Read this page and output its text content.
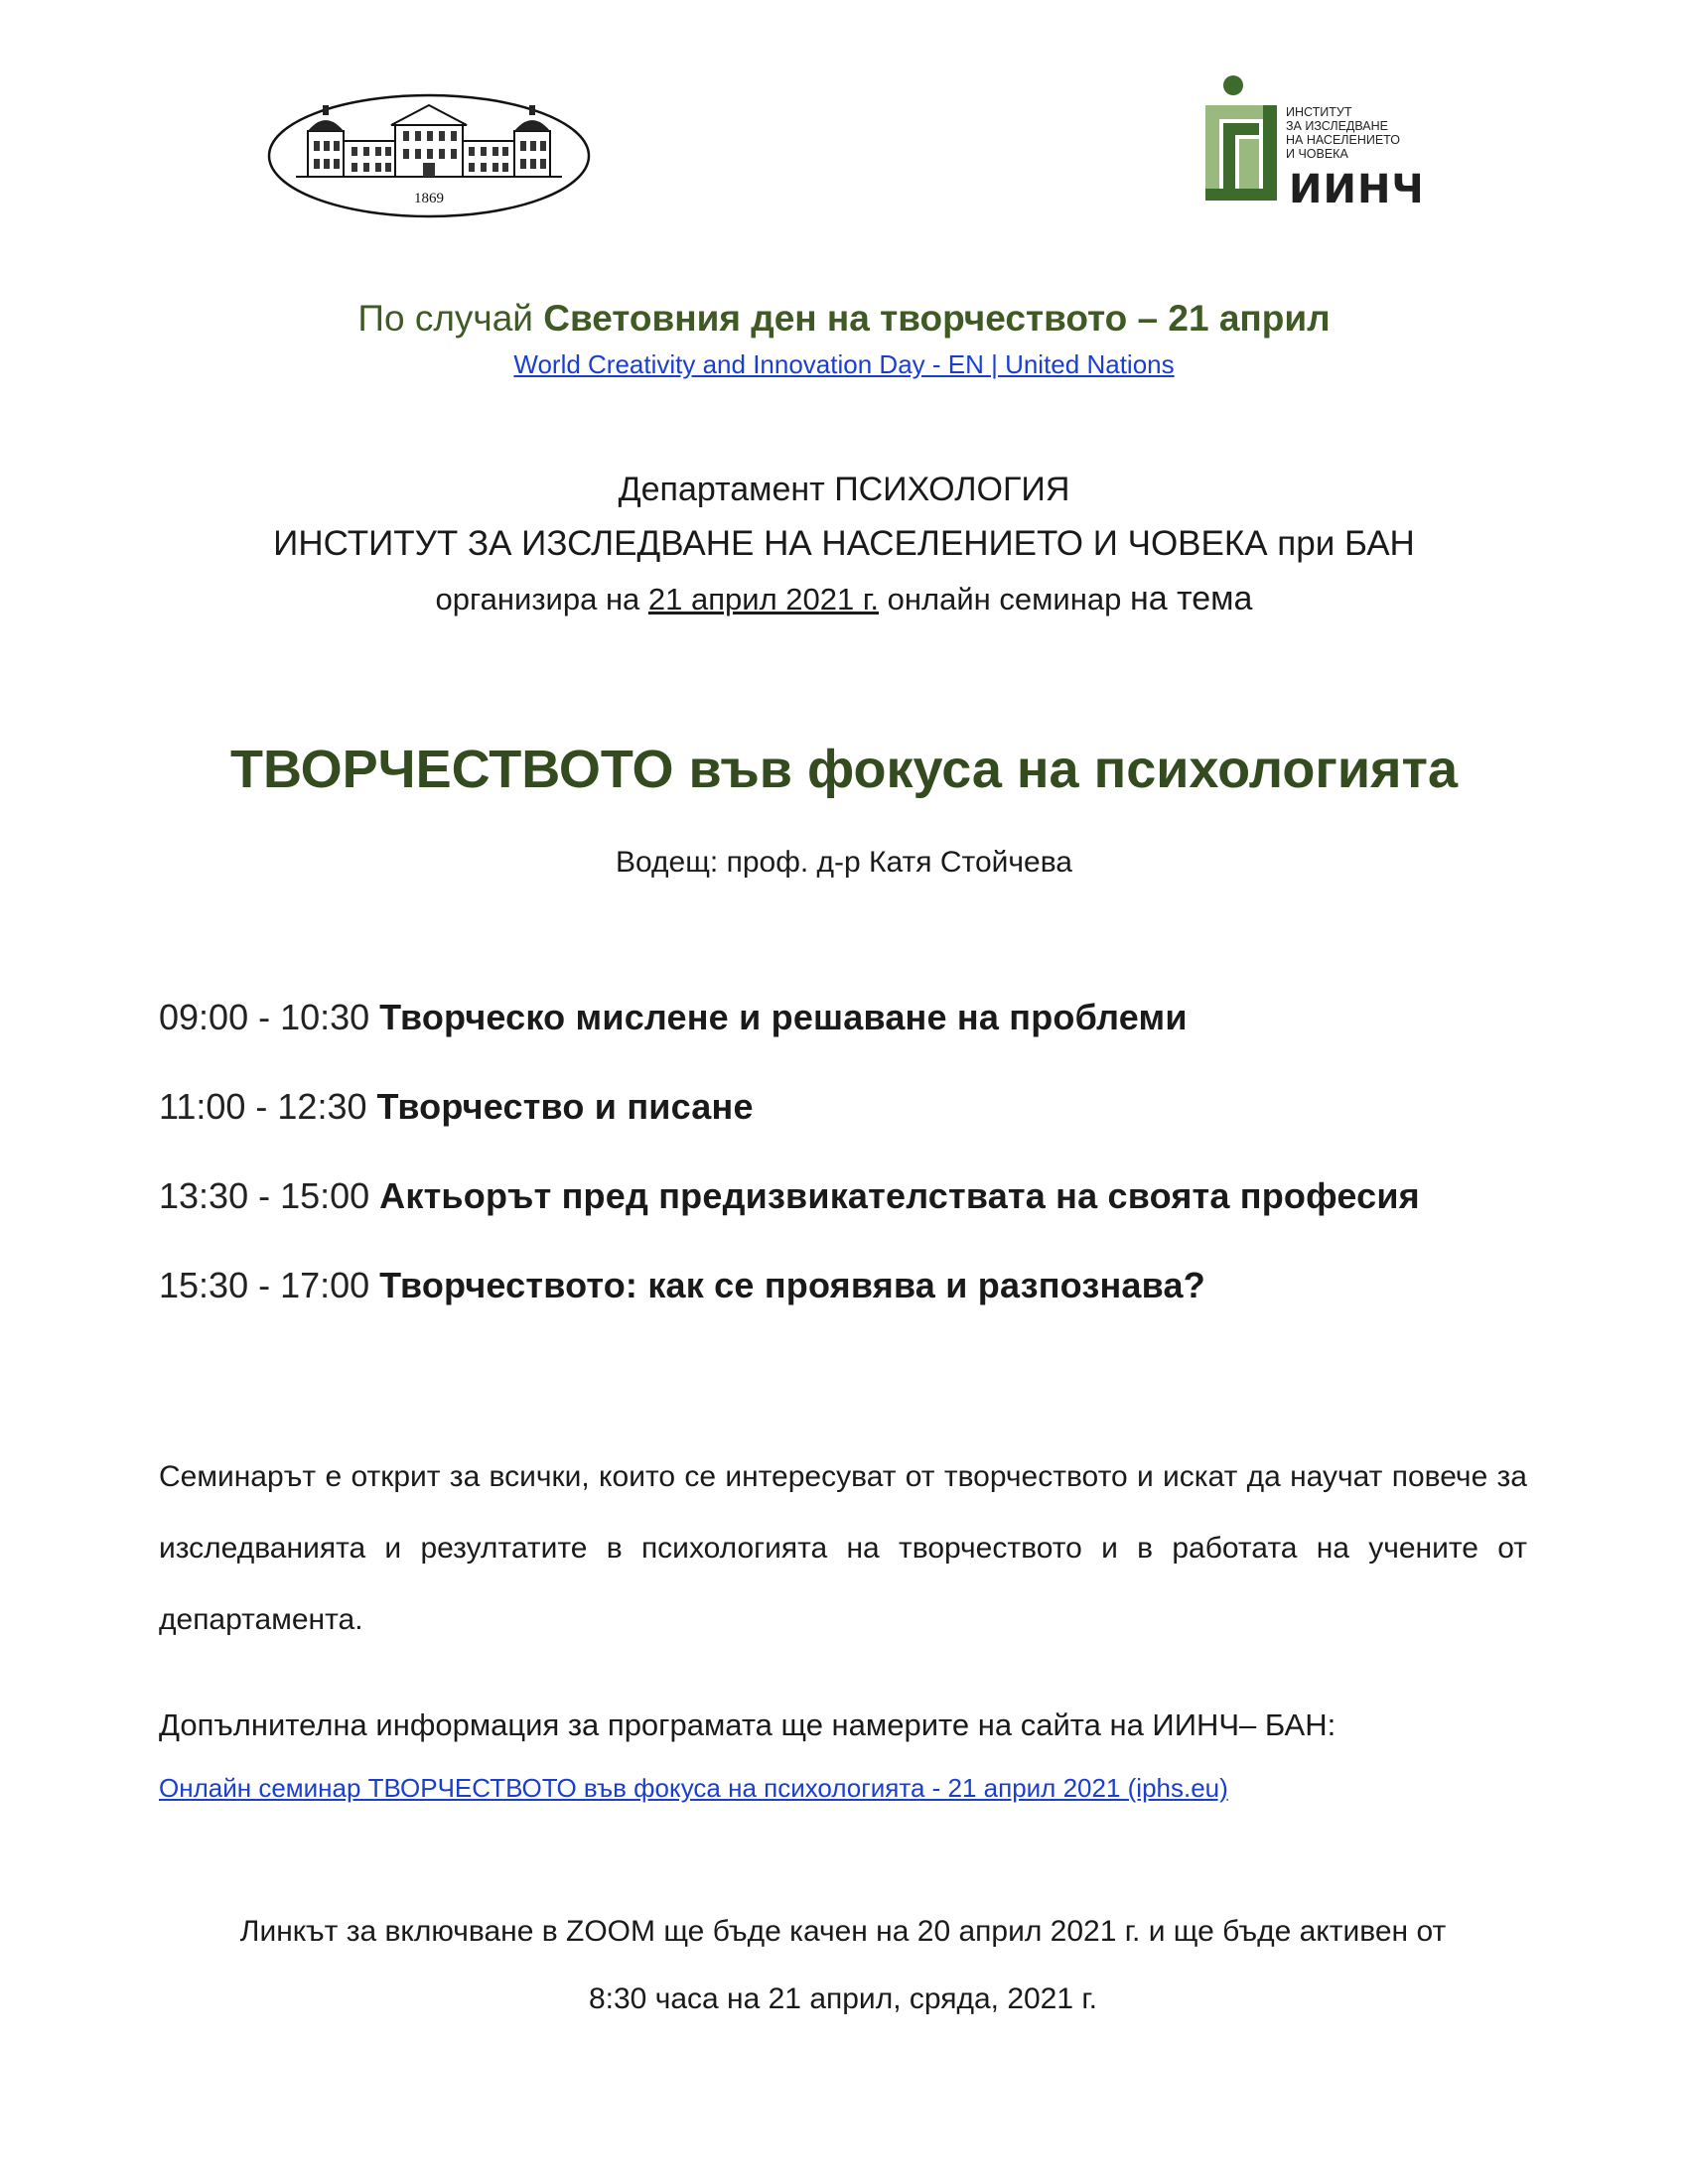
1869
ИНСТИТУТ
ЗА ИЗСЛЕДВАНЕ
НА НАСЕЛЕНИЕТО
И ЧОВЕКА
ИИНЧ
По случай Световния ден на творчеството – 21 април
World Creativity and Innovation Day - EN | United Nations
Департамент ПСИХОЛОГИЯ
ИНСТИТУТ ЗА ИЗСЛЕДВАНЕ НА НАСЕЛЕНИЕТО И ЧОВЕКА при БАН
организира на 21 април 2021 г. онлайн семинар на тема
ТВОРЧЕСТВОТО във фокуса на психологията
Водещ: проф. д-р Катя Стойчева
09:00 - 10:30 Творческо мислене и решаване на проблеми
11:00 - 12:30 Творчество и писане
13:30 - 15:00 Актьорът пред предизвикателствата на своята професия
15:30 - 17:00 Творчеството: как се проявява и разпознава?
Семинарът е открит за всички, които се интересуват от творчеството и искат да научат повече за изследванията и резултатите в психологията на творчеството и в работата на учените от департамента.
Допълнителна информация за програмата ще намерите на сайта на ИИНЧ– БАН:
Онлайн семинар ТВОРЧЕСТВОТО във фокуса на психологията - 21 април 2021 (iphs.eu)
Линкът за включване в ZOOM ще бъде качен на 20 април 2021 г. и ще бъде активен от
8:30 часа на 21 април, сряда, 2021 г.
